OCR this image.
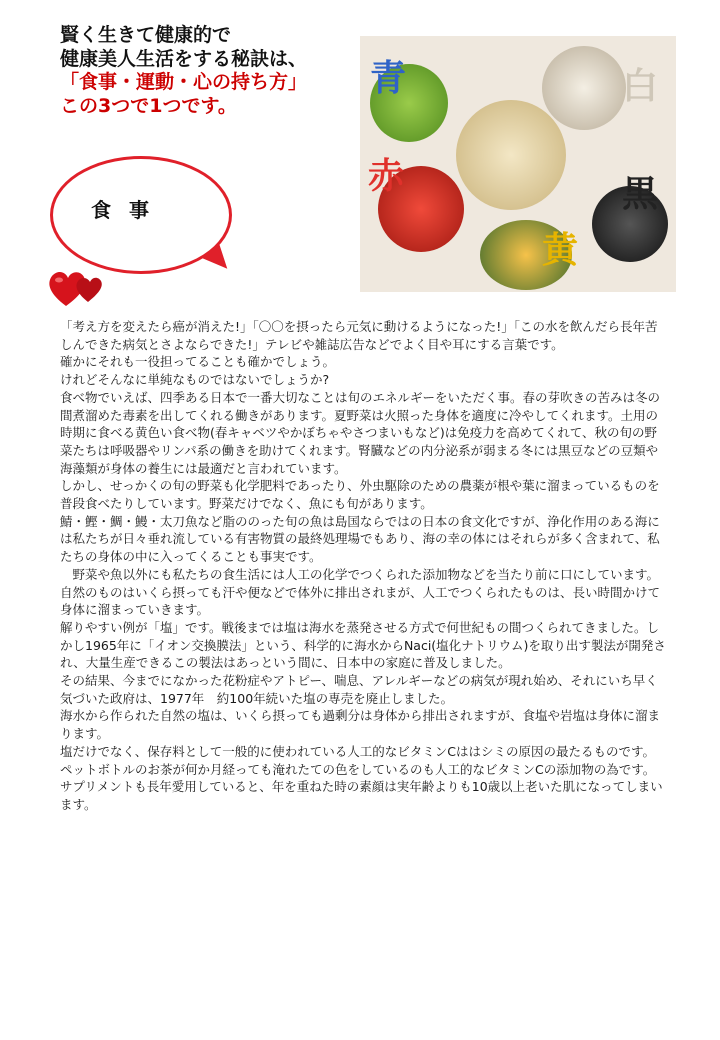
賢く生きて健康的で
健康美人生活をする秘訣は、
「食事・運動・心の持ち方」
この3つで1つです。
食事
青	白
赤
黄
黒

「考え方を変えたら癌が消えた!」「〇〇を摂ったら元気に動けるようになった!」「この水を飲んだら長年苦しんできた病気とさよならできた!」テレビや雑誌広告などでよく目や耳にする言葉です。

確かにそれも一役担ってることも確かでしょう。

けれどそんなに単純なものではないでしょうか?

食べ物でいえば、四季ある日本で一番大切なことは旬のエネルギーをいただく事。春の芽吹きの苦みは冬の間煮溜めた毒素を出してくれる働きがあります。夏野菜は火照った身体を適度に冷やしてくれます。土用の時期に食べる黄色い食べ物(春キャベツやかぼちゃやさつまいもなど)は免疫力を高めてくれて、秋の旬の野菜たちは呼吸器やリンパ系の働きを助けてくれます。腎臓などの内分泌系が弱まる冬には黒豆などの豆類や海藻類が身体の養生には最適だと言われています。

しかし、せっかくの旬の野菜も化学肥料であったり、外虫駆除のための農薬が根や葉に溜まっているものを普段食べたりしています。野菜だけでなく、魚にも旬があります。

鯖・鰹・鯛・鰻・太刀魚など脂ののった旬の魚は島国ならではの日本の食文化ですが、浄化作用のある海には私たちが日々垂れ流している有害物質の最終処理場でもあり、海の幸の体にはそれらが多く含まれて、私たちの身体の中に入ってくることも事実です。

　野菜や魚以外にも私たちの食生活には人工の化学でつくられた添加物などを当たり前に口にしています。

自然のものはいくら摂っても汗や便などで体外に排出されまが、人工でつくられたものは、長い時間かけて身体に溜まっていきます。

解りやすい例が「塩」です。戦後までは塩は海水を蒸発させる方式で何世紀もの間つくられてきました。しかし1965年に「イオン交換膜法」という、科学的に海水からNaci(塩化ナトリウム)を取り出す製法が開発され、大量生産できるこの製法はあっという間に、日本中の家庭に普及しました。

その結果、今までになかった花粉症やアトピー、喘息、アレルギーなどの病気が現れ始め、それにいち早く気づいた政府は、1977年　約100年続いた塩の専売を廃止しました。

海水から作られた自然の塩は、いくら摂っても過剰分は身体から排出されますが、食塩や岩塩は身体に溜まります。

塩だけでなく、保存料として一般的に使われている人工的なビタミンCははシミの原因の最たるものです。ペットボトルのお茶が何か月経っても淹れたての色をしているのも人工的なビタミンCの添加物の為です。サプリメントも長年愛用していると、年を重ねた時の素顔は実年齢よりも10歳以上老いた肌になってしまいます。
